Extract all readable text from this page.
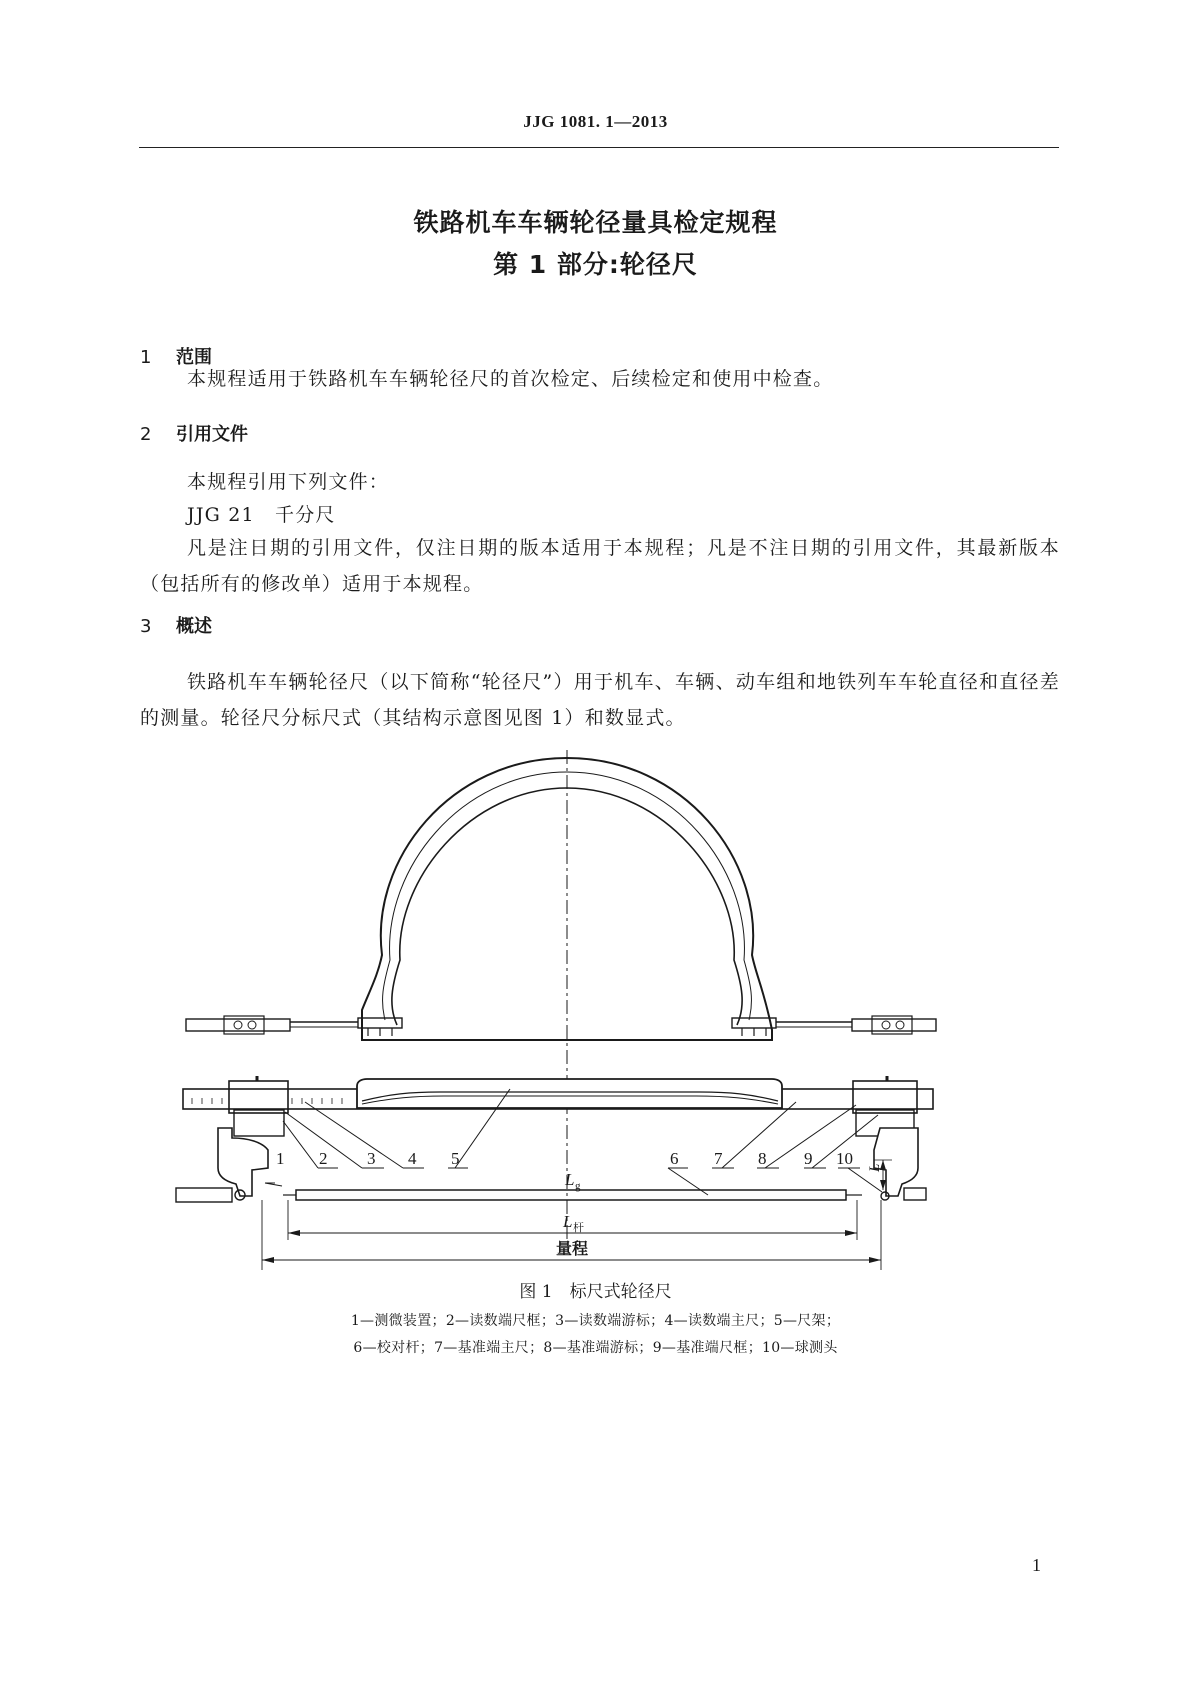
JJG 1081. 1—2013
铁路机车车辆轮径量具检定规程
第 1 部分:轮径尺
1 范围
本规程适用于铁路机车车辆轮径尺的首次检定、后续检定和使用中检查。
2 引用文件
本规程引用下列文件：
JJG 21　千分尺
凡是注日期的引用文件，仅注日期的版本适用于本规程；凡是不注日期的引用文件，其最新版本（包括所有的修改单）适用于本规程。
3 概述
铁路机车车辆轮径尺（以下简称“轮径尺”）用于机车、车辆、动车组和地铁列车车轮直径和直径差的测量。轮径尺分标尺式（其结构示意图见图 1）和数显式。
1 2 3 4 5	6 7 8 9 10
L g
L 杆
量程
L
图 1　标尺式轮径尺
1—测微装置；2—读数端尺框；3—读数端游标；4—读数端主尺；5—尺架；
6—校对杆；7—基准端主尺；8—基准端游标；9—基准端尺框；10—球测头
1
